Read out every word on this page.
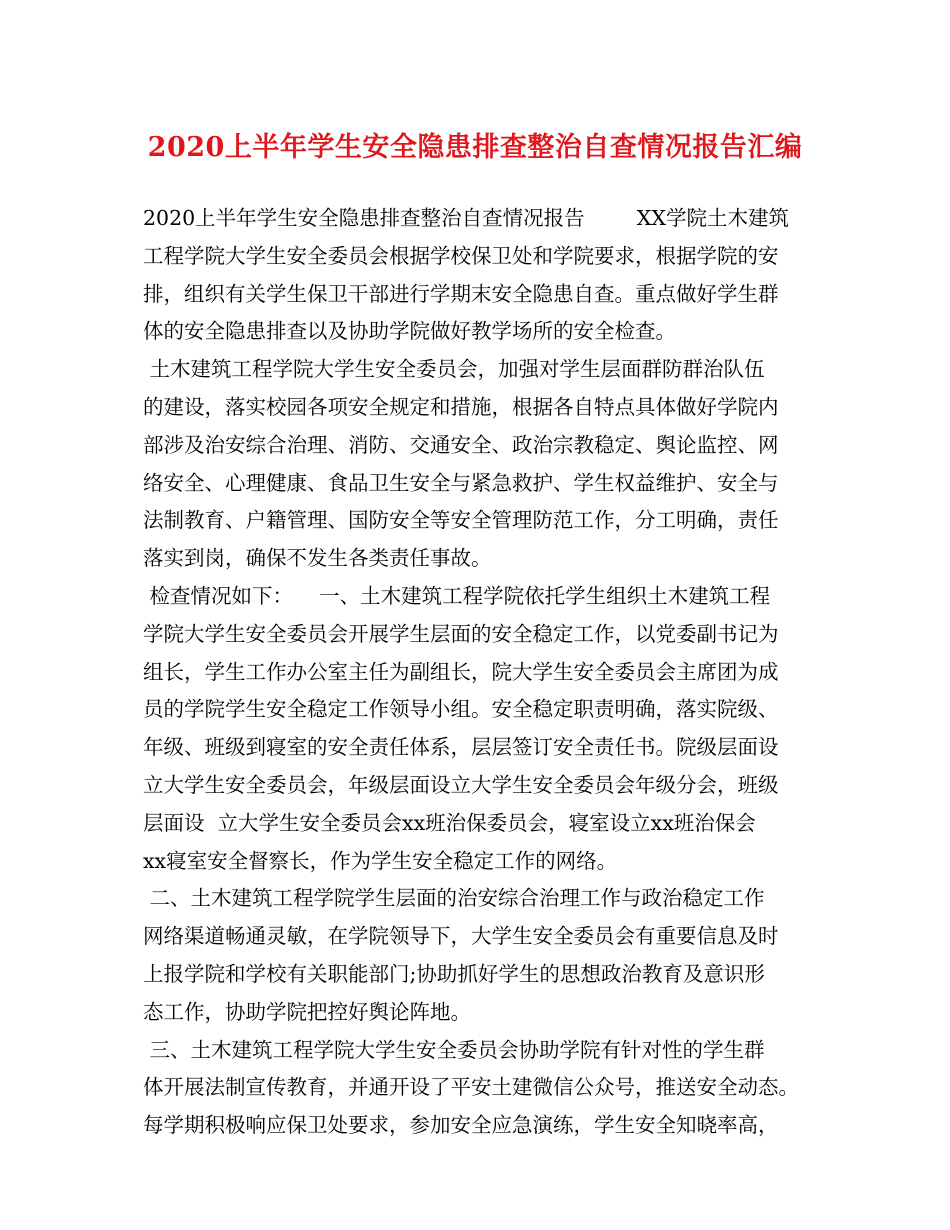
2020上半年学生安全隐患排查整治自查情况报告汇编
2020上半年学生安全隐患排查整治自查情况报告        XX学院土木建筑
工程学院大学生安全委员会根据学校保卫处和学院要求，根据学院的安
排，组织有关学生保卫干部进行学期末安全隐患自查。重点做好学生群
体的安全隐患排查以及协助学院做好教学场所的安全检查。
土木建筑工程学院大学生安全委员会，加强对学生层面群防群治队伍
的建设，落实校园各项安全规定和措施，根据各自特点具体做好学院内
部涉及治安综合治理、消防、交通安全、政治宗教稳定、舆论监控、网
络安全、心理健康、食品卫生安全与紧急救护、学生权益维护、安全与
法制教育、户籍管理、国防安全等安全管理防范工作，分工明确，责任
落实到岗，确保不发生各类责任事故。
检查情况如下：    一、土木建筑工程学院依托学生组织土木建筑工程
学院大学生安全委员会开展学生层面的安全稳定工作，以党委副书记为
组长，学生工作办公室主任为副组长，院大学生安全委员会主席团为成
员的学院学生安全稳定工作领导小组。安全稳定职责明确，落实院级、
年级、班级到寝室的安全责任体系，层层签订安全责任书。院级层面设
立大学生安全委员会，年级层面设立大学生安全委员会年级分会，班级
层面设  立大学生安全委员会xx班治保委员会，寝室设立xx班治保会
xx寝室安全督察长，作为学生安全稳定工作的网络。
二、土木建筑工程学院学生层面的治安综合治理工作与政治稳定工作
网络渠道畅通灵敏，在学院领导下，大学生安全委员会有重要信息及时
上报学院和学校有关职能部门;协助抓好学生的思想政治教育及意识形
态工作，协助学院把控好舆论阵地。
三、土木建筑工程学院大学生安全委员会协助学院有针对性的学生群
体开展法制宣传教育，并通开设了平安土建微信公众号，推送安全动态。
每学期积极响应保卫处要求，参加安全应急演练，学生安全知晓率高，
